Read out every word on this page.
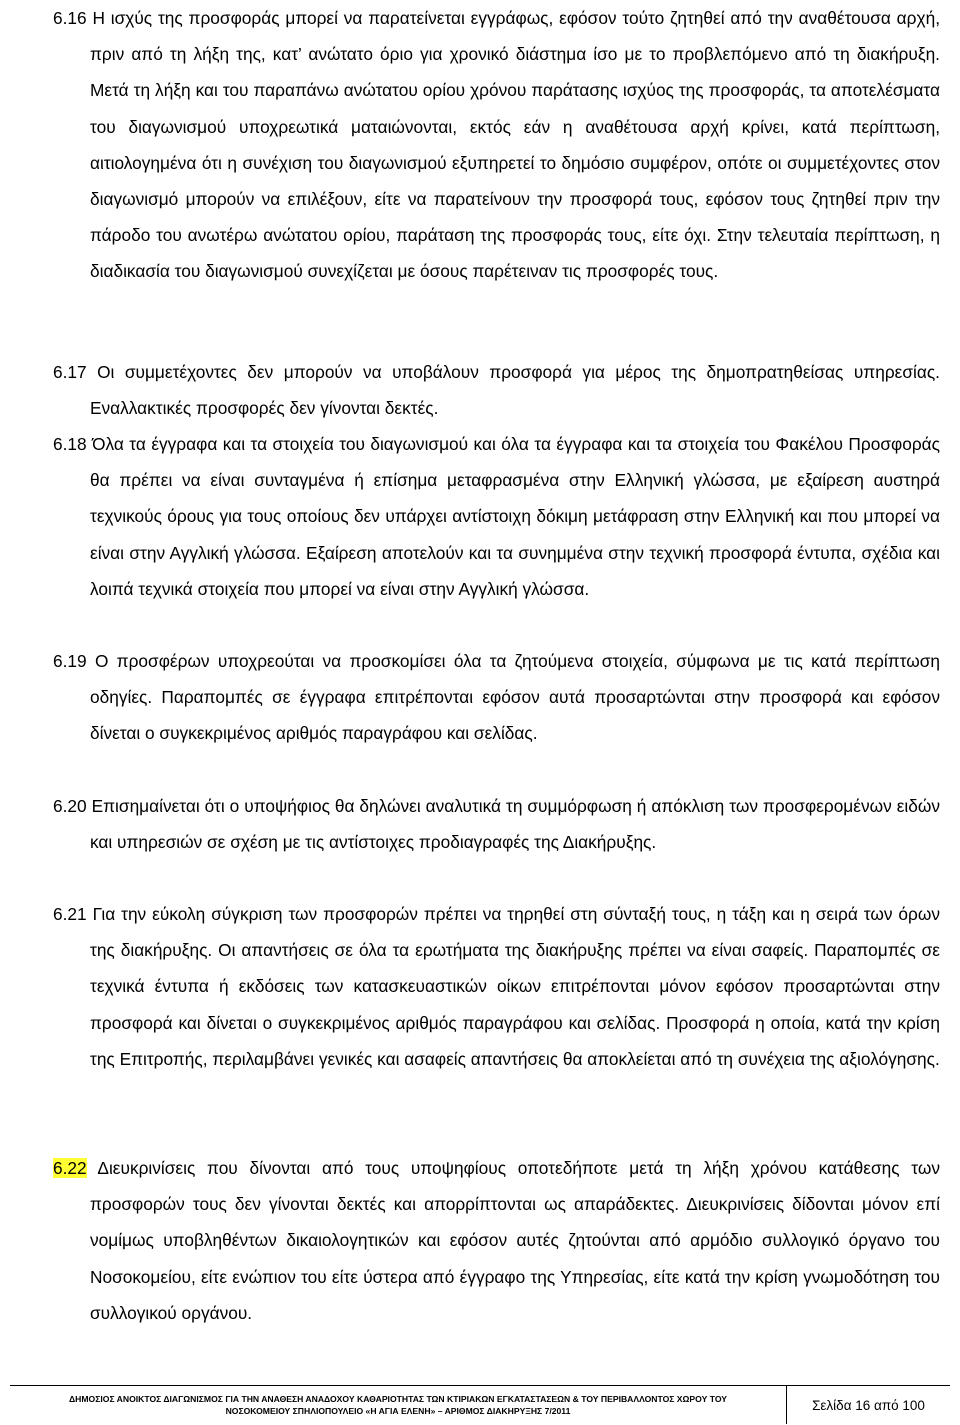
6.16 Η ισχύς της προσφοράς μπορεί να παρατείνεται εγγράφως, εφόσον τούτο ζητηθεί από την αναθέτουσα αρχή, πριν από τη λήξη της, κατ’ ανώτατο όριο για χρονικό διάστημα ίσο με το προβλεπόμενο από τη διακήρυξη. Μετά τη λήξη και του παραπάνω ανώτατου ορίου χρόνου παράτασης ισχύος της προσφοράς, τα αποτελέσματα του διαγωνισμού υποχρεωτικά ματαιώνονται, εκτός εάν η αναθέτουσα αρχή κρίνει, κατά περίπτωση, αιτιολογημένα ότι η συνέχιση του διαγωνισμού εξυπηρετεί το δημόσιο συμφέρον, οπότε οι συμμετέχοντες στον διαγωνισμό μπορούν να επιλέξουν, είτε να παρατείνουν την προσφορά τους, εφόσον τους ζητηθεί πριν την πάροδο του ανωτέρω ανώτατου ορίου, παράταση της προσφοράς τους, είτε όχι. Στην τελευταία περίπτωση, η διαδικασία του διαγωνισμού συνεχίζεται με όσους παρέτειναν τις προσφορές τους.

6.17 Οι συμμετέχοντες δεν μπορούν να υποβάλουν προσφορά για μέρος της δημοπρατηθείσας υπηρεσίας. Εναλλακτικές προσφορές δεν γίνονται δεκτές.

6.18 Όλα τα έγγραφα και τα στοιχεία του διαγωνισμού και όλα τα έγγραφα και τα στοιχεία του Φακέλου Προσφοράς θα πρέπει να είναι συνταγμένα ή επίσημα μεταφρασμένα στην Ελληνική γλώσσα, με εξαίρεση αυστηρά τεχνικούς όρους για τους οποίους δεν υπάρχει αντίστοιχη δόκιμη μετάφραση στην Ελληνική και που μπορεί να είναι στην Αγγλική γλώσσα. Εξαίρεση αποτελούν και τα συνημμένα στην τεχνική προσφορά έντυπα, σχέδια και λοιπά τεχνικά στοιχεία που μπορεί να είναι στην Αγγλική γλώσσα.

6.19 Ο προσφέρων υποχρεούται να προσκομίσει όλα τα ζητούμενα στοιχεία, σύμφωνα με τις κατά περίπτωση οδηγίες. Παραπομπές σε έγγραφα επιτρέπονται εφόσον αυτά προσαρτώνται στην προσφορά και εφόσον δίνεται ο συγκεκριμένος αριθμός παραγράφου και σελίδας.

6.20 Επισημαίνεται ότι ο υποψήφιος θα δηλώνει αναλυτικά τη συμμόρφωση ή απόκλιση των προσφερομένων ειδών και υπηρεσιών σε σχέση με τις αντίστοιχες προδιαγραφές της Διακήρυξης.

6.21 Για την εύκολη σύγκριση των προσφορών πρέπει να τηρηθεί στη σύνταξή τους, η τάξη και η σειρά των όρων της διακήρυξης. Οι απαντήσεις σε όλα τα ερωτήματα της διακήρυξης πρέπει να είναι σαφείς. Παραπομπές σε τεχνικά έντυπα ή εκδόσεις των κατασκευαστικών οίκων επιτρέπονται μόνον εφόσον προσαρτώνται στην προσφορά και δίνεται ο συγκεκριμένος αριθμός παραγράφου και σελίδας. Προσφορά η οποία, κατά την κρίση της Επιτροπής, περιλαμβάνει γενικές και ασαφείς απαντήσεις θα αποκλείεται από τη συνέχεια της αξιολόγησης.

6.22 Διευκρινίσεις που δίνονται από τους υποψηφίους οποτεδήποτε μετά τη λήξη χρόνου κατάθεσης των προσφορών τους δεν γίνονται δεκτές και απορρίπτονται ως απαράδεκτες. Διευκρινίσεις δίδονται μόνον επί νομίμως υποβληθέντων δικαιολογητικών και εφόσον αυτές ζητούνται από αρμόδιο συλλογικό όργανο του Νοσοκομείου, είτε ενώπιον του είτε ύστερα από έγγραφο της Υπηρεσίας, είτε κατά την κρίση γνωμοδότηση του συλλογικού οργάνου.

ΔΗΜΟΣΙΟΣ ΑΝΟΙΚΤΟΣ ΔΙΑΓΩΝΙΣΜΟΣ ΓΙΑ ΤΗΝ ΑΝΑΘΕΣΗ ΑΝΑΔΟΧΟΥ ΚΑΘΑΡΙΟΤΗΤΑΣ ΤΩΝ ΚΤΙΡΙΑΚΩΝ ΕΓΚΑΤΑΣΤΑΣΕΩΝ & ΤΟΥ ΠΕΡΙΒΑΛΛΟΝΤΟΣ ΧΩΡΟΥ ΤΟΥ
ΝΟΣΟΚΟΜΕΙΟΥ ΣΠΗΛΙΟΠΟΥΛΕΙΟ «Η ΑΓΙΑ ΕΛΕΝΗ» – ΑΡΙΘΜΟΣ ΔΙΑΚΗΡΥΞΗΣ 7/2011	Σελίδα 16 από 100
